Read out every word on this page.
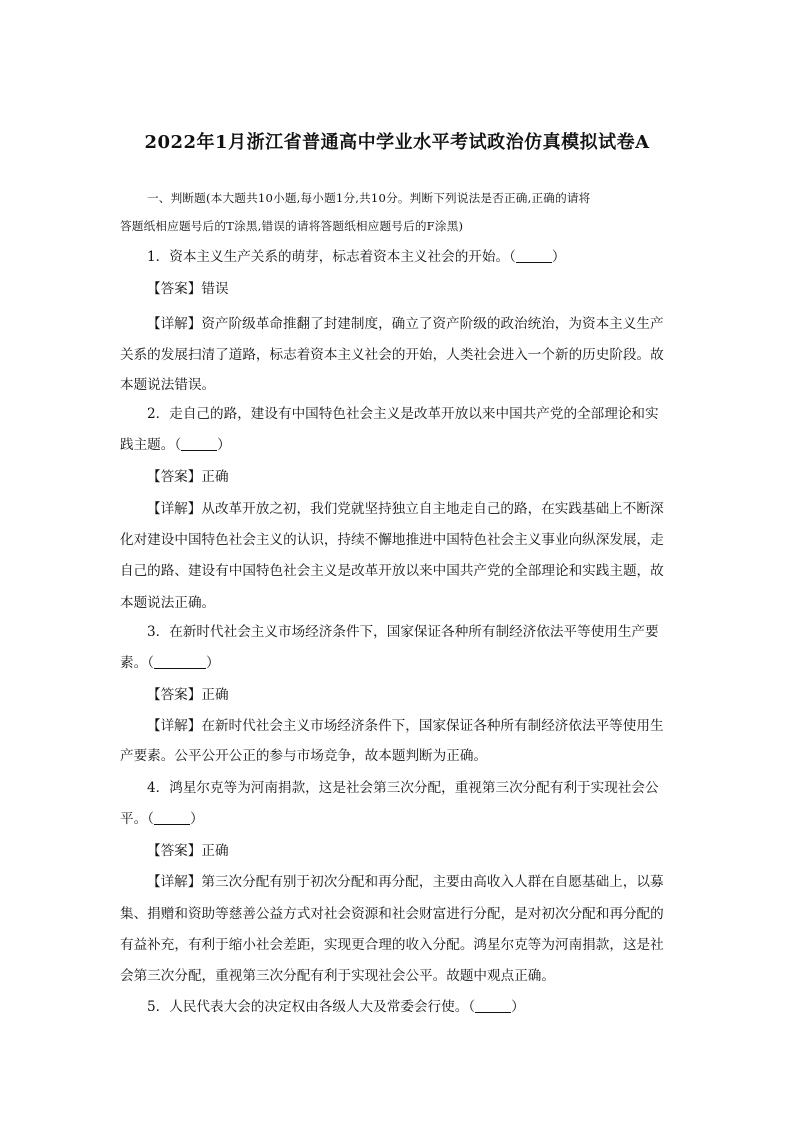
2022年1月浙江省普通高中学业水平考试政治仿真模拟试卷A
一、判断题(本大题共10小题,每小题1分,共10分。判断下列说法是否正确,正确的请将
答题纸相应题号后的T涂黑,错误的请将答题纸相应题号后的F涂黑)
1．资本主义生产关系的萌芽，标志着资本主义社会的开始。（	）
【答案】错误
【详解】资产阶级革命推翻了封建制度，确立了资产阶级的政治统治，为资本主义生产
关系的发展扫清了道路，标志着资本主义社会的开始，人类社会进入一个新的历史阶段。故
本题说法错误。
2．走自己的路，建设有中国特色社会主义是改革开放以来中国共产党的全部理论和实
践主题。（	）
【答案】正确
【详解】从改革开放之初，我们党就坚持独立自主地走自己的路，在实践基础上不断深
化对建设中国特色社会主义的认识，持续不懈地推进中国特色社会主义事业向纵深发展，走
自己的路、建设有中国特色社会主义是改革开放以来中国共产党的全部理论和实践主题，故
本题说法正确。
3．在新时代社会主义市场经济条件下，国家保证各种所有制经济依法平等使用生产要
素。（	）
【答案】正确
【详解】在新时代社会主义市场经济条件下，国家保证各种所有制经济依法平等使用生
产要素。公平公开公正的参与市场竞争，故本题判断为正确。
4．鸿星尔克等为河南捐款，这是社会第三次分配，重视第三次分配有利于实现社会公
平。（	）
【答案】正确
【详解】第三次分配有别于初次分配和再分配，主要由高收入人群在自愿基础上，以募
集、捐赠和资助等慈善公益方式对社会资源和社会财富进行分配，是对初次分配和再分配的
有益补充，有利于缩小社会差距，实现更合理的收入分配。鸿星尔克等为河南捐款，这是社
会第三次分配，重视第三次分配有利于实现社会公平。故题中观点正确。
5．人民代表大会的决定权由各级人大及常委会行使。（	）
